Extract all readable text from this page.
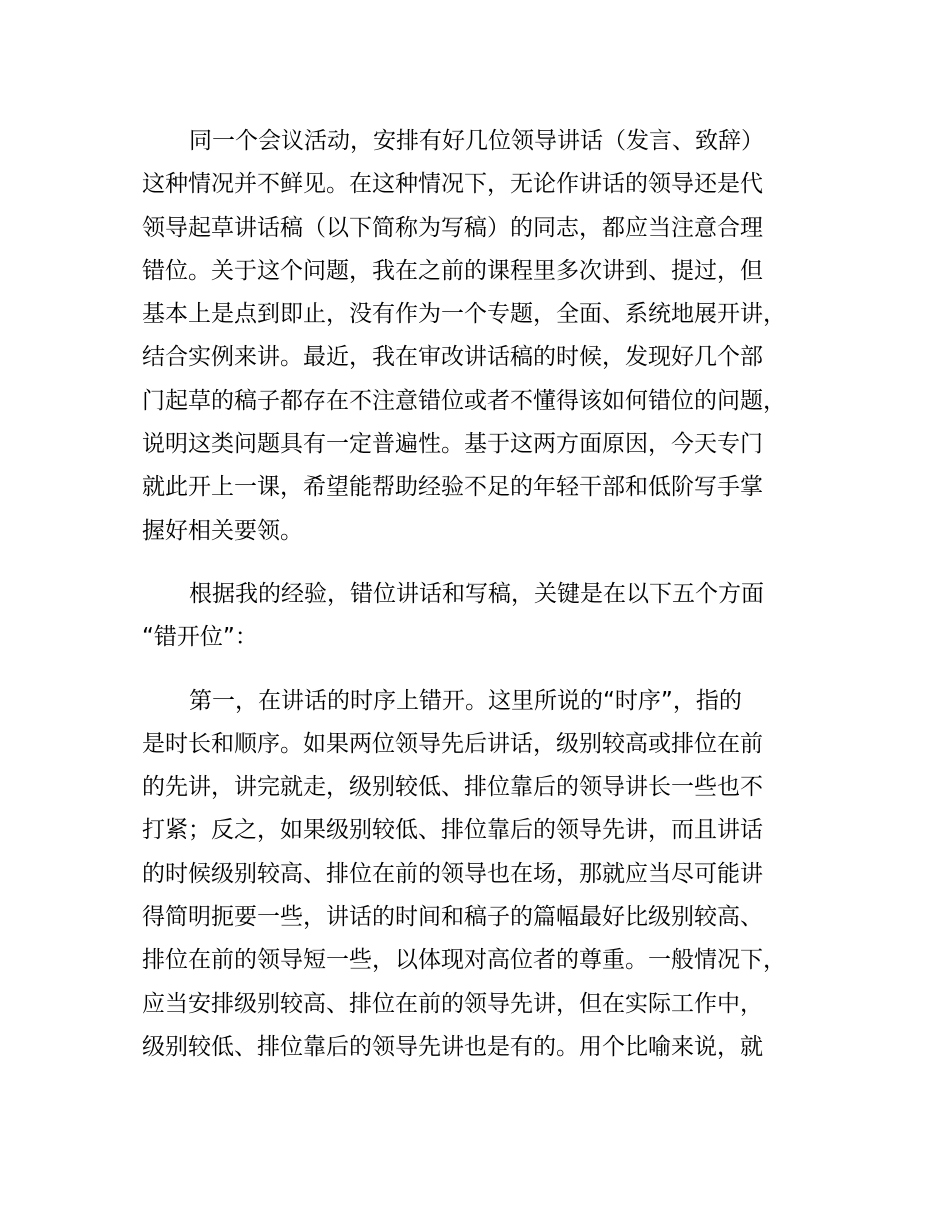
同一个会议活动，安排有好几位领导讲话（发言、致辞）
这种情况并不鲜见。在这种情况下，无论作讲话的领导还是代
领导起草讲话稿（以下简称为写稿）的同志，都应当注意合理
错位。关于这个问题，我在之前的课程里多次讲到、提过，但
基本上是点到即止，没有作为一个专题，全面、系统地展开讲，
结合实例来讲。最近，我在审改讲话稿的时候，发现好几个部
门起草的稿子都存在不注意错位或者不懂得该如何错位的问题，
说明这类问题具有一定普遍性。基于这两方面原因，今天专门
就此开上一课，希望能帮助经验不足的年轻干部和低阶写手掌
握好相关要领。

根据我的经验，错位讲话和写稿，关键是在以下五个方面
“错开位”：

第一，在讲话的时序上错开。这里所说的“时序”，指的
是时长和顺序。如果两位领导先后讲话，级别较高或排位在前
的先讲，讲完就走，级别较低、排位靠后的领导讲长一些也不
打紧；反之，如果级别较低、排位靠后的领导先讲，而且讲话
的时候级别较高、排位在前的领导也在场，那就应当尽可能讲
得简明扼要一些，讲话的时间和稿子的篇幅最好比级别较高、
排位在前的领导短一些，以体现对高位者的尊重。一般情况下，
应当安排级别较高、排位在前的领导先讲，但在实际工作中，
级别较低、排位靠后的领导先讲也是有的。用个比喻来说，就
